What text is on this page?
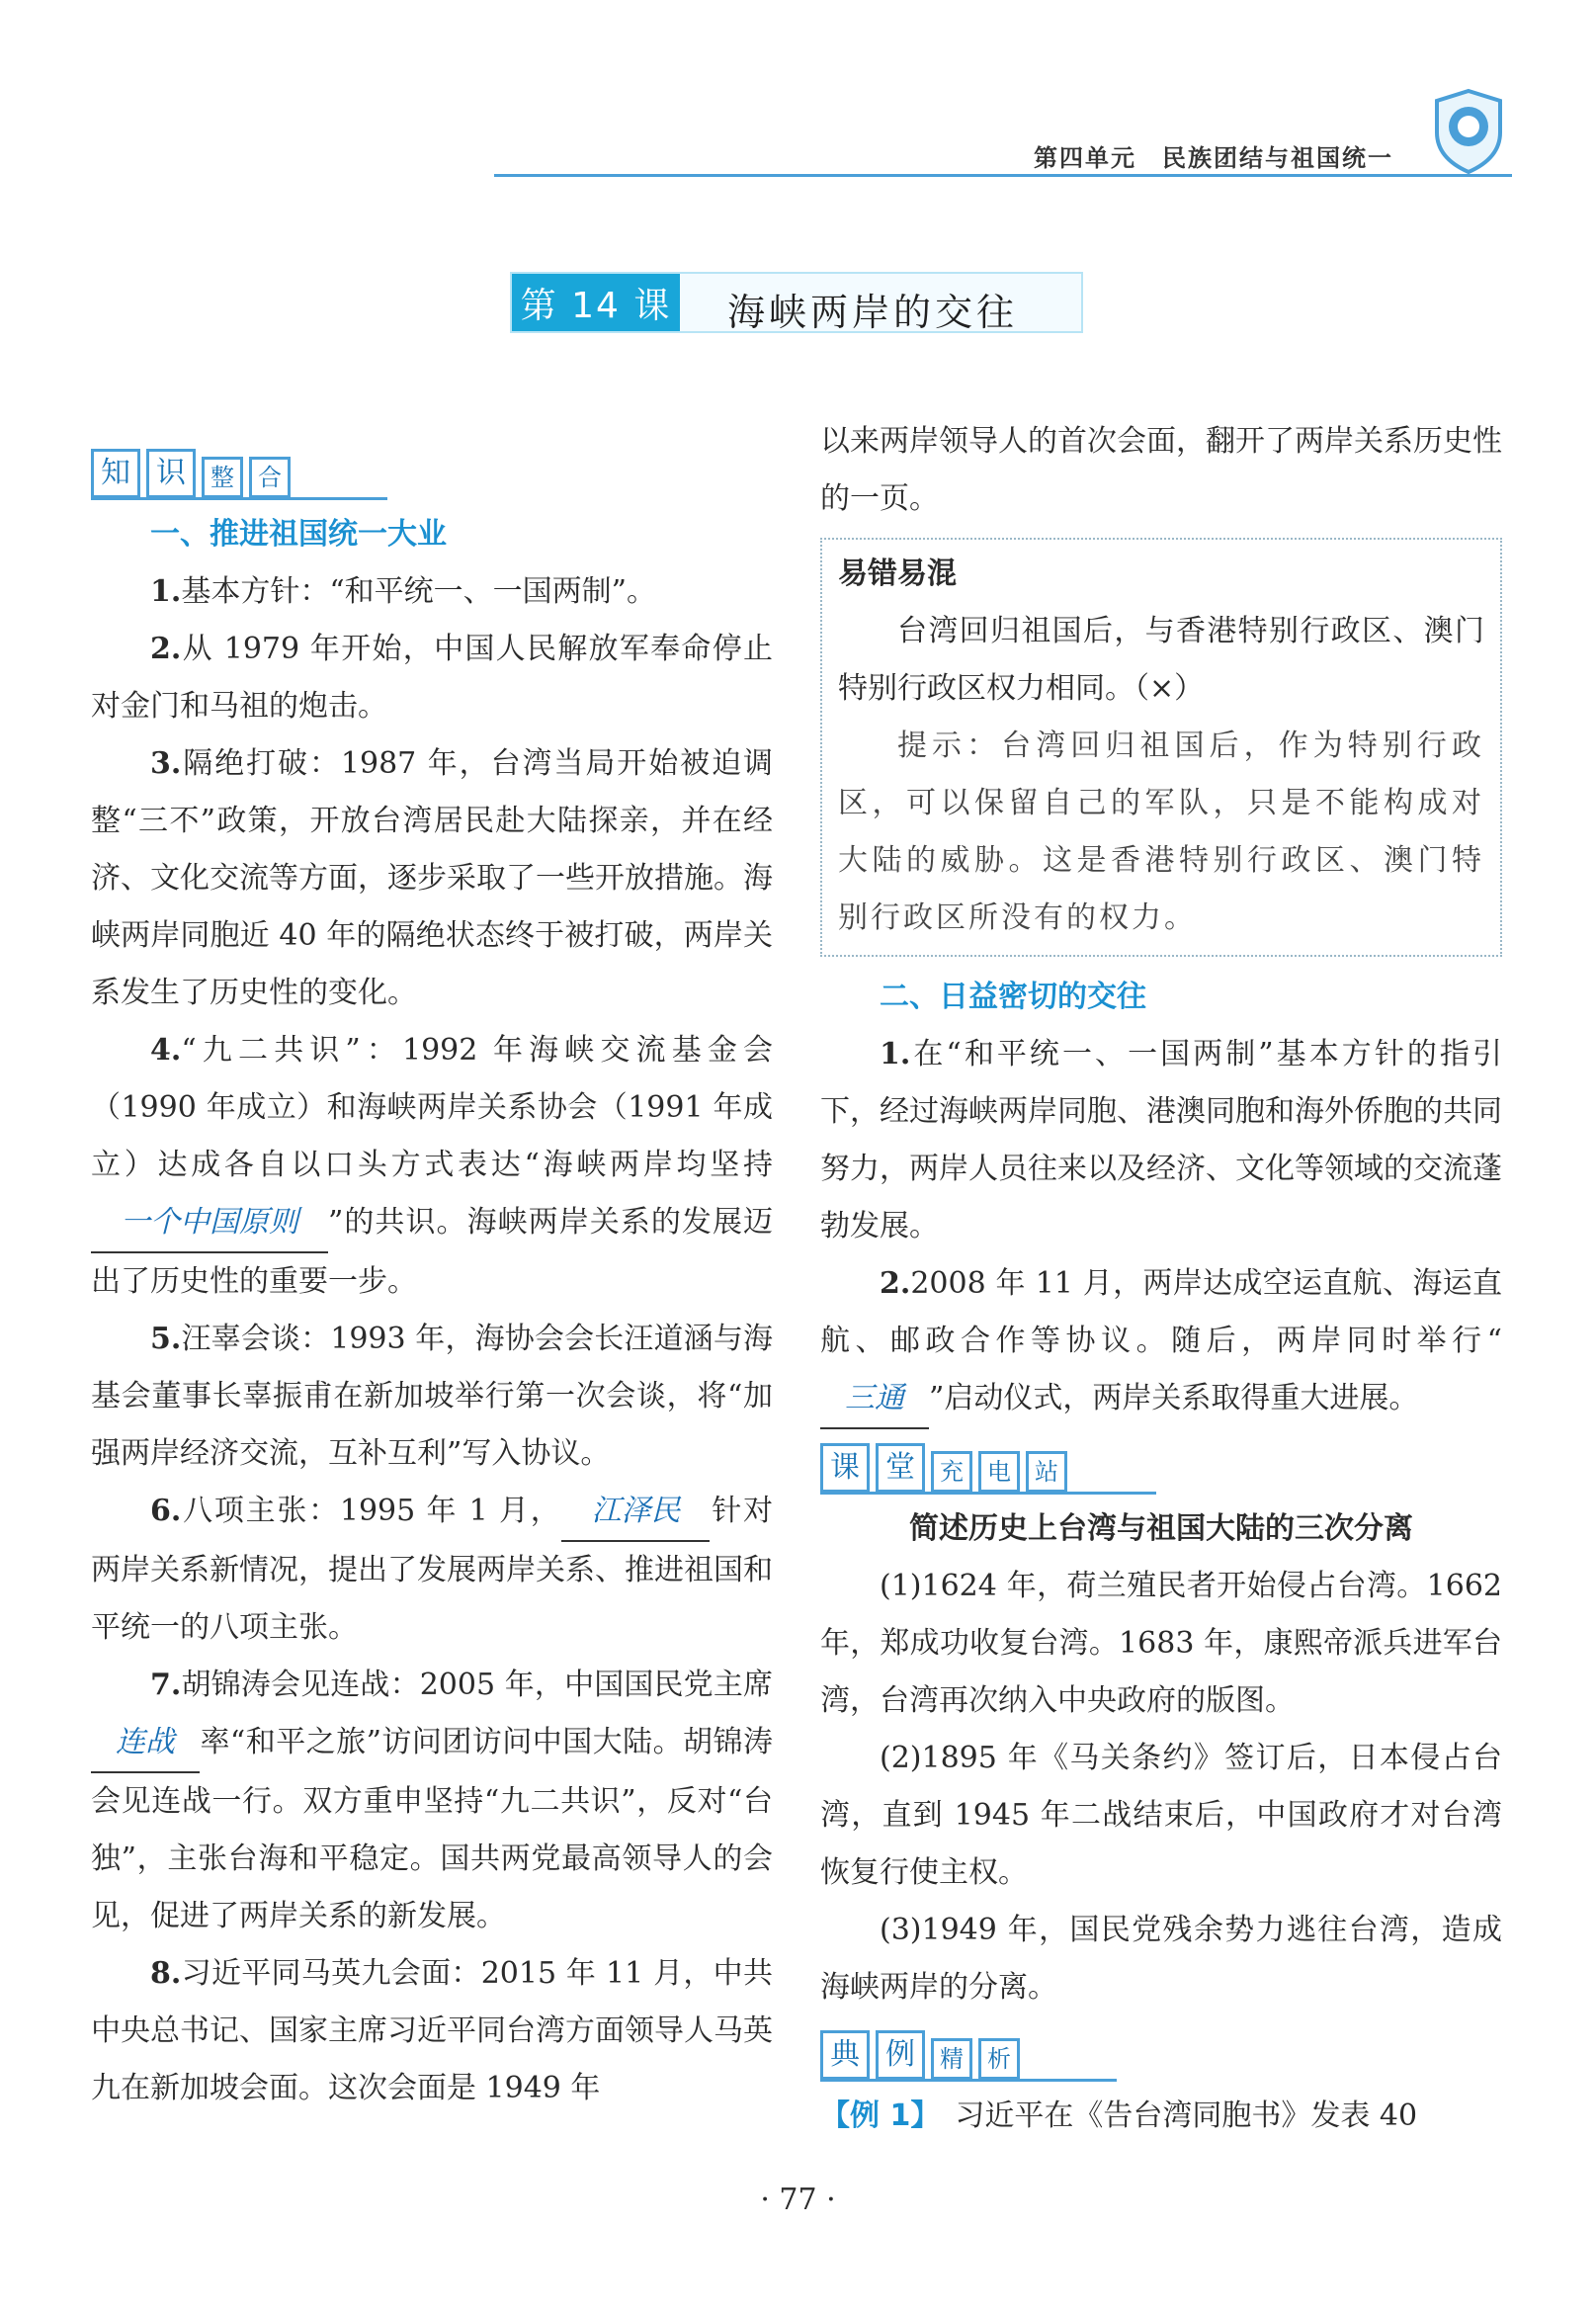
第四单元　民族团结与祖国统一
第 14 课 海峡两岸的交往
知 识	整	合

一、推进祖国统一大业

1.基本方针：“和平统一、一国两制”。

2.从 1979 年开始，中国人民解放军奉命停止对金门和马祖的炮击。

3.隔绝打破：1987 年，台湾当局开始被迫调整“三不”政策，开放台湾居民赴大陆探亲，并在经济、文化交流等方面，逐步采取了一些开放措施。海峡两岸同胞近 40 年的隔绝状态终于被打破，两岸关系发生了历史性的变化。

4.“九二共识”：1992 年海峡交流基金会（1990 年成立）和海峡两岸关系协会（1991 年成立）达成各自以口头方式表达“海峡两岸均坚持一个中国原则 ”的共识。海峡两岸关系的发展迈出了历史性的重要一步。

5.汪辜会谈：1993 年，海协会会长汪道涵与海基会董事长辜振甫在新加坡举行第一次会谈，将“加强两岸经济交流，互补互利”写入协议。

6.八项主张：1995 年 1 月， 江泽民 针对两岸关系新情况，提出了发展两岸关系、推进祖国和平统一的八项主张。

7.胡锦涛会见连战：2005 年，中国国民党主席连战 率“和平之旅”访问团访问中国大陆。胡锦涛会见连战一行。双方重申坚持“九二共识”，反对“台独”，主张台海和平稳定。国共两党最高领导人的会见，促进了两岸关系的新发展。

8.习近平同马英九会面：2015 年 11 月，中共中央总书记、国家主席习近平同台湾方面领导人马英九在新加坡会面。这次会面是 1949 年

以来两岸领导人的首次会面，翻开了两岸关系历史性的一页。

易错易混

台湾回归祖国后，与香港特别行政区、澳门特别行政区权力相同。（×）

提示：台湾回归祖国后，作为特别行政区，可以保留自己的军队，只是不能构成对大陆的威胁。这是香港特别行政区、澳门特别行政区所没有的权力。

二、日益密切的交往

1.在“和平统一、一国两制”基本方针的指引下，经过海峡两岸同胞、港澳同胞和海外侨胞的共同努力，两岸人员往来以及经济、文化等领域的交流蓬勃发展。

2.2008 年 11 月，两岸达成空运直航、海运直航、邮政合作等协议。随后，两岸同时举行“三通 ”启动仪式，两岸关系取得重大进展。

课 堂	充	电	站

简述历史上台湾与祖国大陆的三次分离

(1)1624 年，荷兰殖民者开始侵占台湾。1662 年，郑成功收复台湾。1683 年，康熙帝派兵进军台湾，台湾再次纳入中央政府的版图。

(2)1895 年《马关条约》签订后，日本侵占台湾，直到 1945 年二战结束后，中国政府才对台湾恢复行使主权。

(3)1949 年，国民党残余势力逃往台湾，造成海峡两岸的分离。

典 例	精	析

【例 1】　 习近平在《告台湾同胞书》发表 40

· 77 ·
